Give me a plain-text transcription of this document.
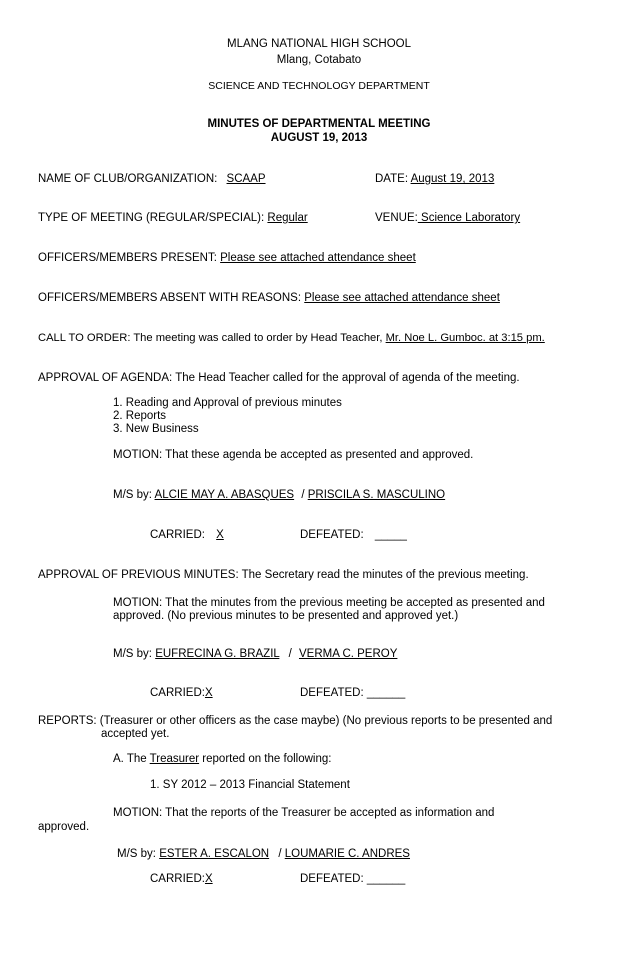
MLANG NATIONAL HIGH SCHOOL
Mlang, Cotabato
SCIENCE AND TECHNOLOGY DEPARTMENT
MINUTES OF DEPARTMENTAL MEETING
AUGUST 19, 2013
NAME OF CLUB/ORGANIZATION: SCAAP	DATE: August 19, 2013
TYPE OF MEETING (REGULAR/SPECIAL): Regular	VENUE: Science Laboratory
OFFICERS/MEMBERS PRESENT: Please see attached attendance sheet
OFFICERS/MEMBERS ABSENT WITH REASONS: Please see attached attendance sheet
CALL TO ORDER: The meeting was called to order by Head Teacher, Mr. Noe L. Gumboc. at 3:15 pm.
APPROVAL OF AGENDA: The Head Teacher called for the approval of agenda of the meeting.
1. Reading and Approval of previous minutes
2. Reports
3. New Business
MOTION: That these agenda be accepted as presented and approved.
M/S by: ALCIE MAY A. ABASQUES / PRISCILA S. MASCULINO
CARRIED: X	DEFEATED: _____
APPROVAL OF PREVIOUS MINUTES: The Secretary read the minutes of the previous meeting.
MOTION: That the minutes from the previous meeting be accepted as presented and
approved. (No previous minutes to be presented and approved yet.)
M/S by: EUFRECINA G. BRAZIL / VERMA C. PEROY
CARRIED:X	DEFEATED: ______
REPORTS: (Treasurer or other officers as the case maybe) (No previous reports to be presented and
accepted yet.
A. The Treasurer reported on the following:
1. SY 2012 – 2013 Financial Statement
MOTION: That the reports of the Treasurer be accepted as information and
approved.
M/S by: ESTER A. ESCALON / LOUMARIE C. ANDRES
CARRIED:X	DEFEATED: ______
